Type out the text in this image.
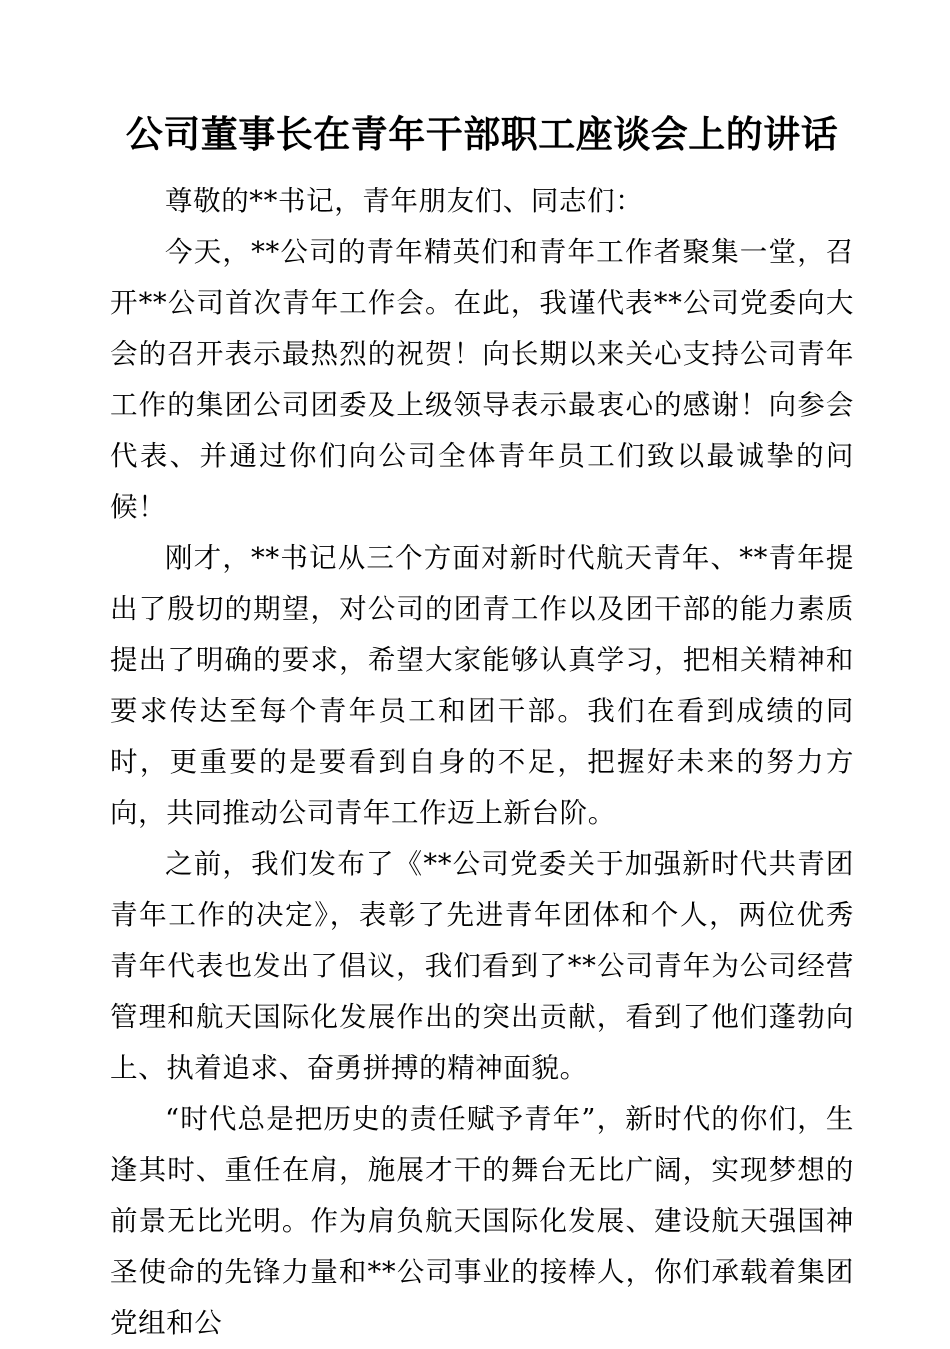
公司董事长在青年干部职工座谈会上的讲话

尊敬的**书记，青年朋友们、同志们：

今天，**公司的青年精英们和青年工作者聚集一堂，召开**公司首次青年工作会。在此，我谨代表**公司党委向大会的召开表示最热烈的祝贺！向长期以来关心支持公司青年工作的集团公司团委及上级领导表示最衷心的感谢！向参会代表、并通过你们向公司全体青年员工们致以最诚挚的问候！

刚才，**书记从三个方面对新时代航天青年、**青年提出了殷切的期望，对公司的团青工作以及团干部的能力素质提出了明确的要求，希望大家能够认真学习，把相关精神和要求传达至每个青年员工和团干部。我们在看到成绩的同时，更重要的是要看到自身的不足，把握好未来的努力方向，共同推动公司青年工作迈上新台阶。

之前，我们发布了《**公司党委关于加强新时代共青团青年工作的决定》，表彰了先进青年团体和个人，两位优秀青年代表也发出了倡议，我们看到了**公司青年为公司经营管理和航天国际化发展作出的突出贡献，看到了他们蓬勃向上、执着追求、奋勇拼搏的精神面貌。

“时代总是把历史的责任赋予青年”，新时代的你们，生逢其时、重任在肩，施展才干的舞台无比广阔，实现梦想的前景无比光明。作为肩负航天国际化发展、建设航天强国神圣使命的先锋力量和**公司事业的接棒人，你们承载着集团党组和公
